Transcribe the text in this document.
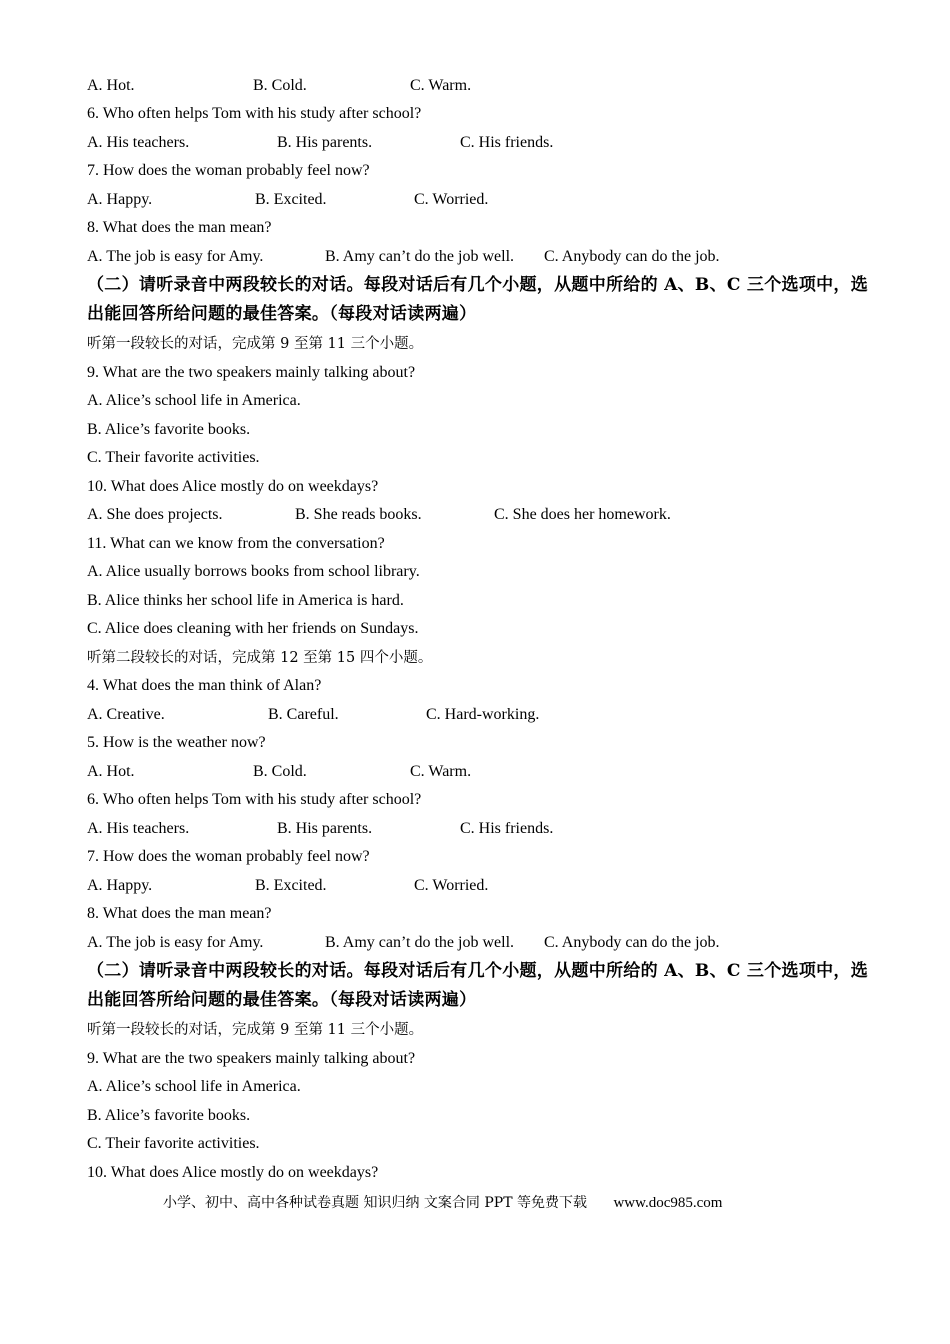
A. Hot.	B. Cold.	C. Warm.
6. Who often helps Tom with his study after school?
A. His teachers.	B. His parents.	C. His friends.
7. How does the woman probably feel now?
A. Happy.	B. Excited.	C. Worried.
8. What does the man mean?
A. The job is easy for Amy.	B. Amy can’t do the job well. C. Anybody can do the job.
（二）请听录音中两段较长的对话。每段对话后有几个小题，从题中所给的 A、B、C 三个选项中，选出能回答所给问题的最佳答案。（每段对话读两遍）
听第一段较长的对话，完成第 9 至第 11 三个小题。
9. What are the two speakers mainly talking about?
A. Alice’s school life in America.
B. Alice’s favorite books.
C. Their favorite activities.
10. What does Alice mostly do on weekdays?
A. She does projects.	B. She reads books.	C. She does her homework.
11. What can we know from the conversation?
A. Alice usually borrows books from school library.
B. Alice thinks her school life in America is hard.
C. Alice does cleaning with her friends on Sundays.
听第二段较长的对话，完成第 12 至第 15 四个小题。
4. What does the man think of Alan?
A. Creative.	B. Careful.	C. Hard-working.
5. How is the weather now?
A. Hot.	B. Cold.	C. Warm.
6. Who often helps Tom with his study after school?
A. His teachers.	B. His parents.	C. His friends.
7. How does the woman probably feel now?
A. Happy.	B. Excited.	C. Worried.
8. What does the man mean?
A. The job is easy for Amy.	B. Amy can’t do the job well. C. Anybody can do the job.
（二）请听录音中两段较长的对话。每段对话后有几个小题，从题中所给的 A、B、C 三个选项中，选出能回答所给问题的最佳答案。（每段对话读两遍）
听第一段较长的对话，完成第 9 至第 11 三个小题。
9. What are the two speakers mainly talking about?
A. Alice’s school life in America.
B. Alice’s favorite books.
C. Their favorite activities.
10. What does Alice mostly do on weekdays?
小学、初中、高中各种试卷真题 知识归纳 文案合同 PPT 等免费下载 www.doc985.com
